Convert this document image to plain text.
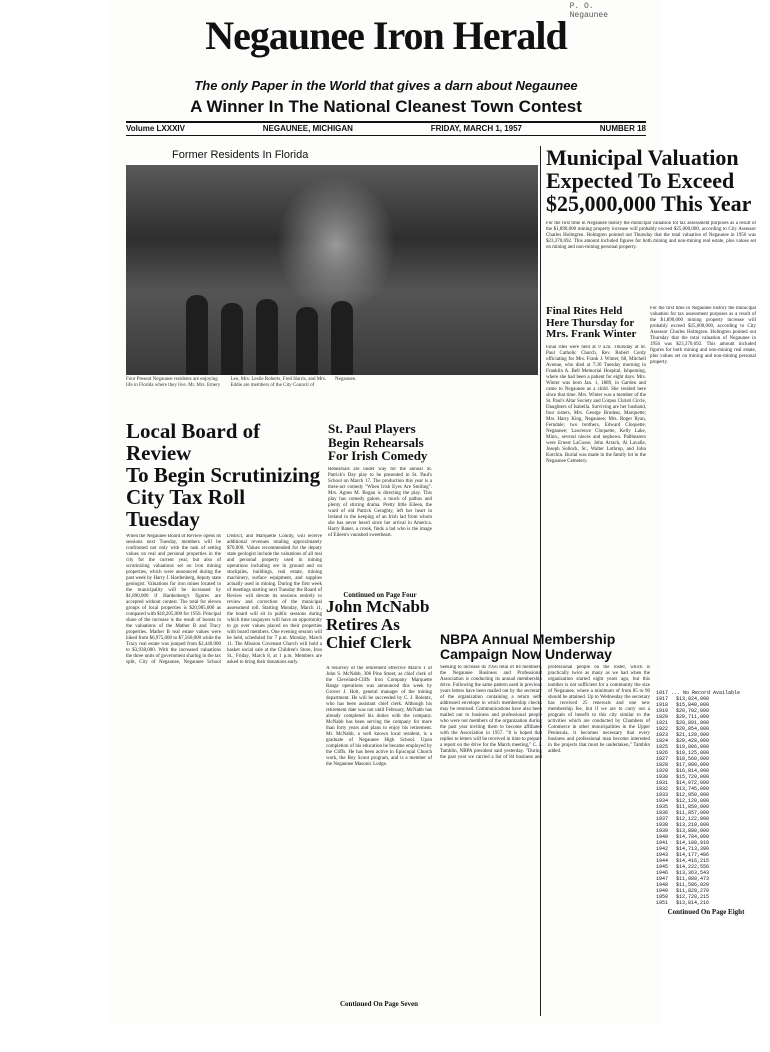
P. O.
Negaunee
Negaunee Iron Herald
The only Paper in the World that gives a darn about Negaunee
A Winner In The National Cleanest Town Contest
Volume LXXXIV	NEGAUNEE, MICHIGAN	FRIDAY, MARCH 1, 1957	NUMBER 18
Former Residents In Florida
Four Present Negaunee residents are enjoying life in Florida where they live. Mr. Mrs. Emery Leo, Mrs. Leslie Roberts, Fred Harris, and Mrs. Eddie are members of the City Council of Negaunee.
Municipal Valuation
Expected To Exceed
$25,000,000 This Year
For the first time in Negaunee history the municipal valuation for tax assessment purposes as a result of the $1,890,000 mining property increase will probably exceed $25,000,000, according to City Assessor Charles Holmgren. Holmgren pointed out Thursday that the total valuation of Negaunee in 1956 was $23,370,692. This amount included figures for both mining and non-mining real estate, plus values set on mining and non-mining personal property.
Final Rites Held
Here Thursday for
Mrs. Frank Winter
Final rites were held at 9 a.m. Thursday at St. Paul Catholic Church, Rev. Robert Cordy officiating for Mrs. Frank J. Winter, 68, Mitchell Avenue, who died at 7:30 Tuesday morning in Franklin A. Bell Memorial Hospital, Ishpeming, where she had been a patient for eight days. Mrs. Winter was born Jan. 1, 1889, in Garden and came to Negaunee as a child. She resided here since that time. Mrs. Winter was a member of the St. Paul's Altar Society and Corpus Christi Circle, Daughters of Isabella. Surviving are her husband, four sisters, Mrs. George Brodeur, Marquette; Mrs. Harry King, Negaunee; Mrs. Roger Ryan, Ferndale; two brothers, Edward Cloquette, Negaunee; Lawrence Cloquette, Kelly Lake, Minn., several nieces and nephews. Pallbearers were Ernest LaCosse, John Arrach, Al Lavalle, Joseph Sollock, Sr., Walter Lothrop, and John Kotchin. Burial was made in the family lot in the Negaunee Cemetery.
For the first time in Negaunee history the municipal valuation for tax assessment purposes as a result of the $1,890,000 mining property increase will probably exceed $25,000,000, according to City Assessor Charles Holmgren. Holmgren pointed out Thursday that the total valuation of Negaunee in 1956 was $23,370,692. This amount included figures for both mining and non-mining real estate, plus values set on mining and non-mining personal property.
Local Board of Review
To Begin Scrutinizing
City Tax Roll Tuesday
When the Negaunee Board of Review opens its sessions next Tuesday, members will be confronted not only with the task of setting values on real and personal properties in the city for the current year, but also of scrutinizing valuations set on iron mining properties, which were announced during the past week by Harry J. Hardenberg, deputy state geologist. Valuations for iron mines located in the municipality will be increased by $1,890,000 if Hardenberg's figures are accepted without contest. The total for eleven groups of local properties is $20,985,000 as compared with $18,205,000 for 1956. Principal share of the increase is the result of boosts in the valuations of the Mather B and Tracy properties. Mather B real estate values were hiked from $6,975,000 to $7,560,000 while the Tracy real estate was jumped from $3,440,000 to $3,938,000. With the increased valuations the three units of government sharing in the tax split, City of Negaunee, Negaunee School District, and Marquette County, will receive additional revenues totaling approximately $70,000. Values recommended for the deputy state geologist include the valuations of all real and personal property used in mining operations including ore in ground and on stockpiles, buildings, real estate, mining machinery, surface equipment, and supplies actually used in mining. During the first week of meetings starting next Tuesday the Board of Review will devote its sessions entirely to review and correction of the municipal assessment roll. Starting Monday, March 11, the board will sit in public sessions during which time taxpayers will have an opportunity to go over values placed on their properties with board members. One evening session will be held, scheduled for 7 p.m. Monday, March 11. The Mission Covenant Church will hold a basket social sale at the Children's Store, Iron St., Friday, March 8, at 1 p.m. Members are asked to bring their donations early.
St. Paul Players
Begin Rehearsals
For Irish Comedy
Rehearsals are under way for the annual St. Patrick's Day play to be presented in St. Paul's School on March 17. The production this year is a three-act comedy "When Irish Eyes Are Smiling". Mrs. Agnes M. Bogan is directing the play. This play has comedy galore, a touch of pathos and plenty of stirring drama. Pretty little Eileen, the ward of old Patrick Geraghty, left her heart in Ireland in the keeping of an Irish lad from whom she has never heard since her arrival in America. Harry Bauer, a crook, finds a lad who is the image of Eileen's vanished sweetheart.
Continued on Page Four
John McNabb
Retires As
Chief Clerk
A resurvey of the retirement effective March 1 of John S. McNabb, 306 Pine Street, as chief clerk of the Cleveland-Cliffs Iron Company Marquette Range operations was announced this week by Grover J. Holt, general manager of the mining department. He will be succeeded by C. J. Bolentz, who has been assistant chief clerk. Although his retirement date was not until February, McNabb has already completed his duties with the company. McNabb has been serving the company for more than forty years and plans to enjoy his retirement. Mr. McNabb, a well known local resident, is a graduate of Negaunee High School. Upon completion of his education he became employed by the Cliffs. He has been active in Episcopal Church work, the Boy Scout program, and is a member of the Negaunee Masonic Lodge.
Continued On Page Seven
NBPA Annual Membership
Campaign Now Underway
Seeking to increase its 1956 total of 84 members, the Negaunee Business and Professional Association is conducting its annual membership drive. Following the same pattern used in previous years letters have been mailed out by the secretary of the organization containing a return self-addressed envelope in which membership checks may be returned. Communications have also been mailed out to business and professional people who were not members of the organization during the past year inviting them to become affiliated with the Association in 1957. "It is hoped that replies to letters will be received in time to prepare a report on the drive for the March meeting," C. J. Tamblin, NBPA president said yesterday. "During the past year we carried a list of 84 business and professional people on the roster, which is practically twice as many as we had when the organization started eight years ago, but this number is not sufficient for a community the size of Negaunee, where a minimum of from 85 to 90 should be attained. Up to Wednesday the secretary has received 25 renewals and one new membership fee, but if we are to carry out a program of benefit to this city similar to the activities which are conducted by Chambers of Commerce in other municipalities in the Upper Peninsula, it becomes necessary that every business and professional man become interested in the projects that must be undertaken," Tamblin added.
1917 ... No Record Available
1917 $13,024,000
1918 $15,840,000
1919 $20,702,000
1920 $20,711,000
1921 $20,891,000
1922 $20,854,000
1923 $21,120,000
1924 $20,428,000
1925 $19,806,000
1926 $19,125,000
1927 $18,560,000
1928 $17,980,000
1929 $16,814,000
1930 $15,720,000
1931 $14,972,000
1932 $13,745,000
1933 $12,950,000
1934 $12,120,000
1935 $11,850,000
1936 $11,857,000
1937 $12,122,000
1938 $13,210,000
1939 $13,880,000
1940 $14,784,000
1941 $14,180,910
1942 $14,713,390
1943 $14,177,486
1944 $14,416,215
1945 $14,222,556
1946 $13,363,543
1947 $11,989,473
1948 $11,586,020
1949 $11,829,270
1950 $12,720,215
1951 $13,814,216
Continued On Page Eight
